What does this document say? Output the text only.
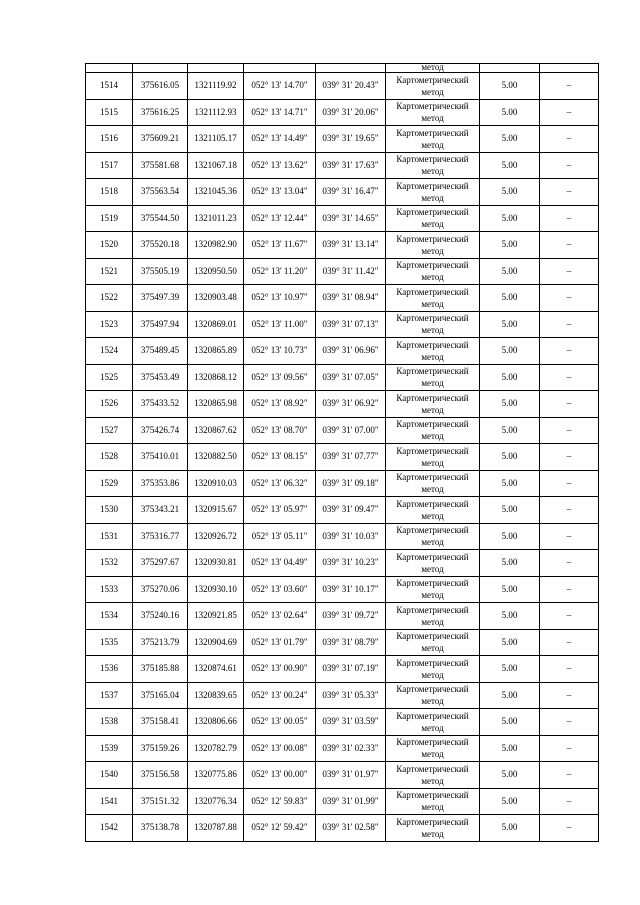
					метод		

1514	375616.05	1321119.92	052° 13' 14.70"	039° 31' 20.43"	Картометрический метод	5.00	–
1515	375616.25	1321112.93	052° 13' 14.71"	039° 31' 20.06"	Картометрический метод	5.00	–
1516	375609.21	1321105.17	052° 13' 14.49"	039° 31' 19.65"	Картометрический метод	5.00	–
1517	375581.68	1321067.18	052° 13' 13.62"	039° 31' 17.63"	Картометрический метод	5.00	–
1518	375563.54	1321045.36	052° 13' 13.04"	039° 31' 16.47"	Картометрический метод	5.00	–
1519	375544.50	1321011.23	052° 13' 12.44"	039° 31' 14.65"	Картометрический метод	5.00	–
1520	375520.18	1320982.90	052° 13' 11.67"	039° 31' 13.14"	Картометрический метод	5.00	–
1521	375505.19	1320950.50	052° 13' 11.20"	039° 31' 11.42"	Картометрический метод	5.00	–
1522	375497.39	1320903.48	052° 13' 10.97"	039° 31' 08.94"	Картометрический метод	5.00	–
1523	375497.94	1320869.01	052° 13' 11.00"	039° 31' 07.13"	Картометрический метод	5.00	–
1524	375489.45	1320865.89	052° 13' 10.73"	039° 31' 06.96"	Картометрический метод	5.00	–
1525	375453.49	1320868.12	052° 13' 09.56"	039° 31' 07.05"	Картометрический метод	5.00	–
1526	375433.52	1320865.98	052° 13' 08.92"	039° 31' 06.92"	Картометрический метод	5.00	–
1527	375426.74	1320867.62	052° 13' 08.70"	039° 31' 07.00"	Картометрический метод	5.00	–
1528	375410.01	1320882.50	052° 13' 08.15"	039° 31' 07.77"	Картометрический метод	5.00	–
1529	375353.86	1320910.03	052° 13' 06.32"	039° 31' 09.18"	Картометрический метод	5.00	–
1530	375343.21	1320915.67	052° 13' 05.97"	039° 31' 09.47"	Картометрический метод	5.00	–
1531	375316.77	1320926.72	052° 13' 05.11"	039° 31' 10.03"	Картометрический метод	5.00	–
1532	375297.67	1320930.81	052° 13' 04.49"	039° 31' 10.23"	Картометрический метод	5.00	–
1533	375270.06	1320930.10	052° 13' 03.60"	039° 31' 10.17"	Картометрический метод	5.00	–
1534	375240.16	1320921.85	052° 13' 02.64"	039° 31' 09.72"	Картометрический метод	5.00	–
1535	375213.79	1320904.69	052° 13' 01.79"	039° 31' 08.79"	Картометрический метод	5.00	–
1536	375185.88	1320874.61	052° 13' 00.90"	039° 31' 07.19"	Картометрический метод	5.00	–
1537	375165.04	1320839.65	052° 13' 00.24"	039° 31' 05.33"	Картометрический метод	5.00	–
1538	375158.41	1320806.66	052° 13' 00.05"	039° 31' 03.59"	Картометрический метод	5.00	–
1539	375159.26	1320782.79	052° 13' 00.08"	039° 31' 02.33"	Картометрический метод	5.00	–
1540	375156.58	1320775.86	052° 13' 00.00"	039° 31' 01.97"	Картометрический метод	5.00	–
1541	375151.32	1320776.34	052° 12' 59.83"	039° 31' 01.99"	Картометрический метод	5.00	–
1542	375138.78	1320787.88	052° 12' 59.42"	039° 31' 02.58"	Картометрический метод	5.00	–
